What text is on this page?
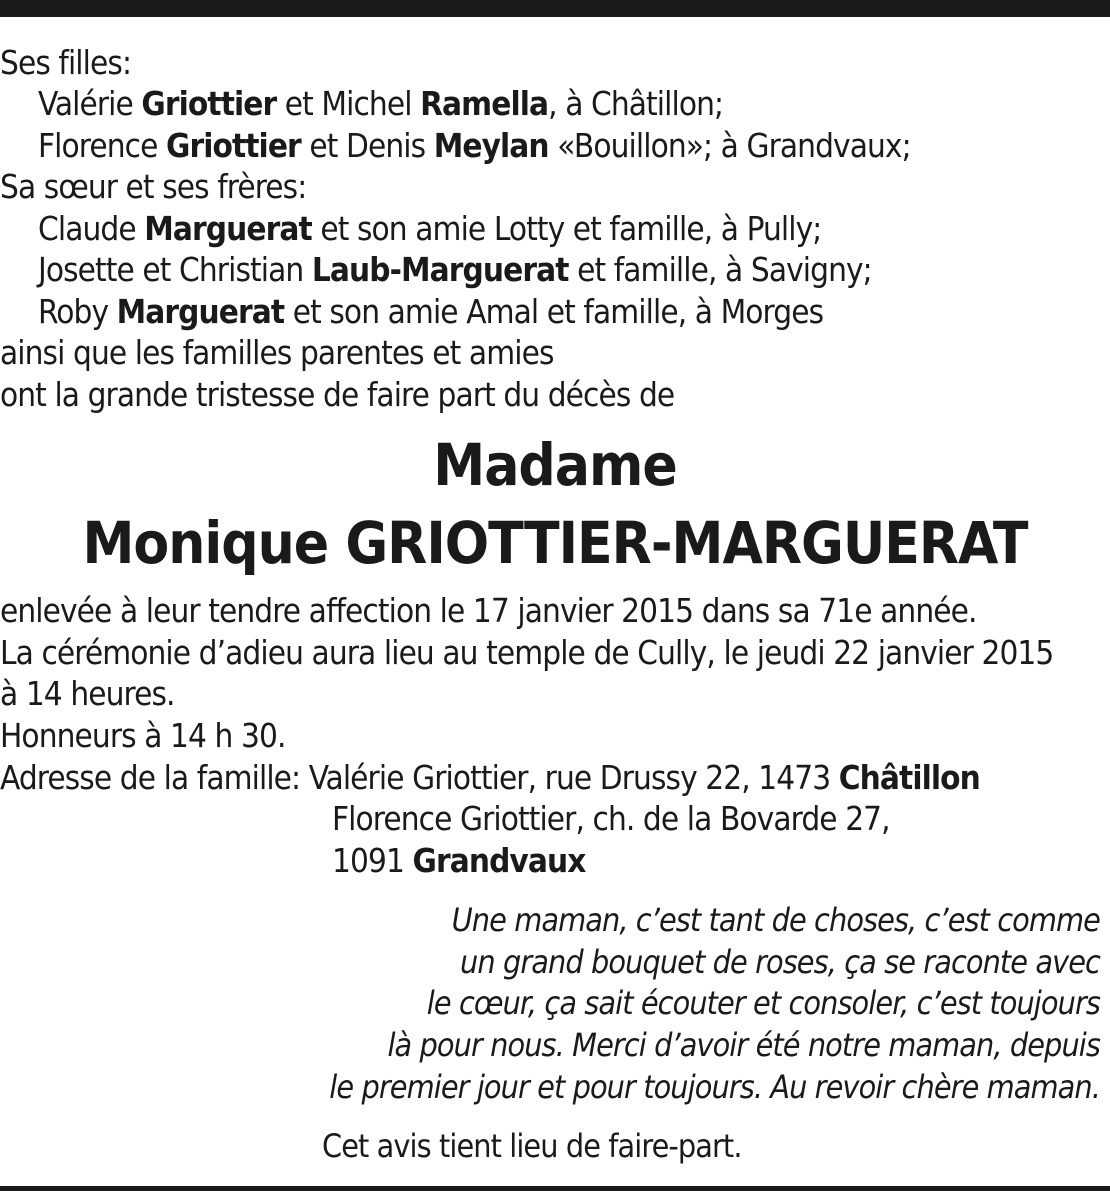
Ses filles:
Valérie Griottier et Michel Ramella, à Châtillon;
Florence Griottier et Denis Meylan «Bouillon»; à Grandvaux;
Sa sœur et ses frères:
Claude Marguerat et son amie Lotty et famille, à Pully;
Josette et Christian Laub-Marguerat et famille, à Savigny;
Roby Marguerat et son amie Amal et famille, à Morges
ainsi que les familles parentes et amies
ont la grande tristesse de faire part du décès de
Madame
Monique GRIOTTIER-MARGUERAT
enlevée à leur tendre affection le 17 janvier 2015 dans sa 71e année.
La cérémonie d’adieu aura lieu au temple de Cully, le jeudi 22 janvier 2015
à 14 heures.
Honneurs à 14 h 30.
Adresse de la famille: Valérie Griottier, rue Drussy 22, 1473 Châtillon
Florence Griottier, ch. de la Bovarde 27,
1091 Grandvaux
Une maman, c’est tant de choses, c’est comme
un grand bouquet de roses, ça se raconte avec
le cœur, ça sait écouter et consoler, c’est toujours
là pour nous. Merci d’avoir été notre maman, depuis
le premier jour et pour toujours. Au revoir chère maman.
Cet avis tient lieu de faire-part.
